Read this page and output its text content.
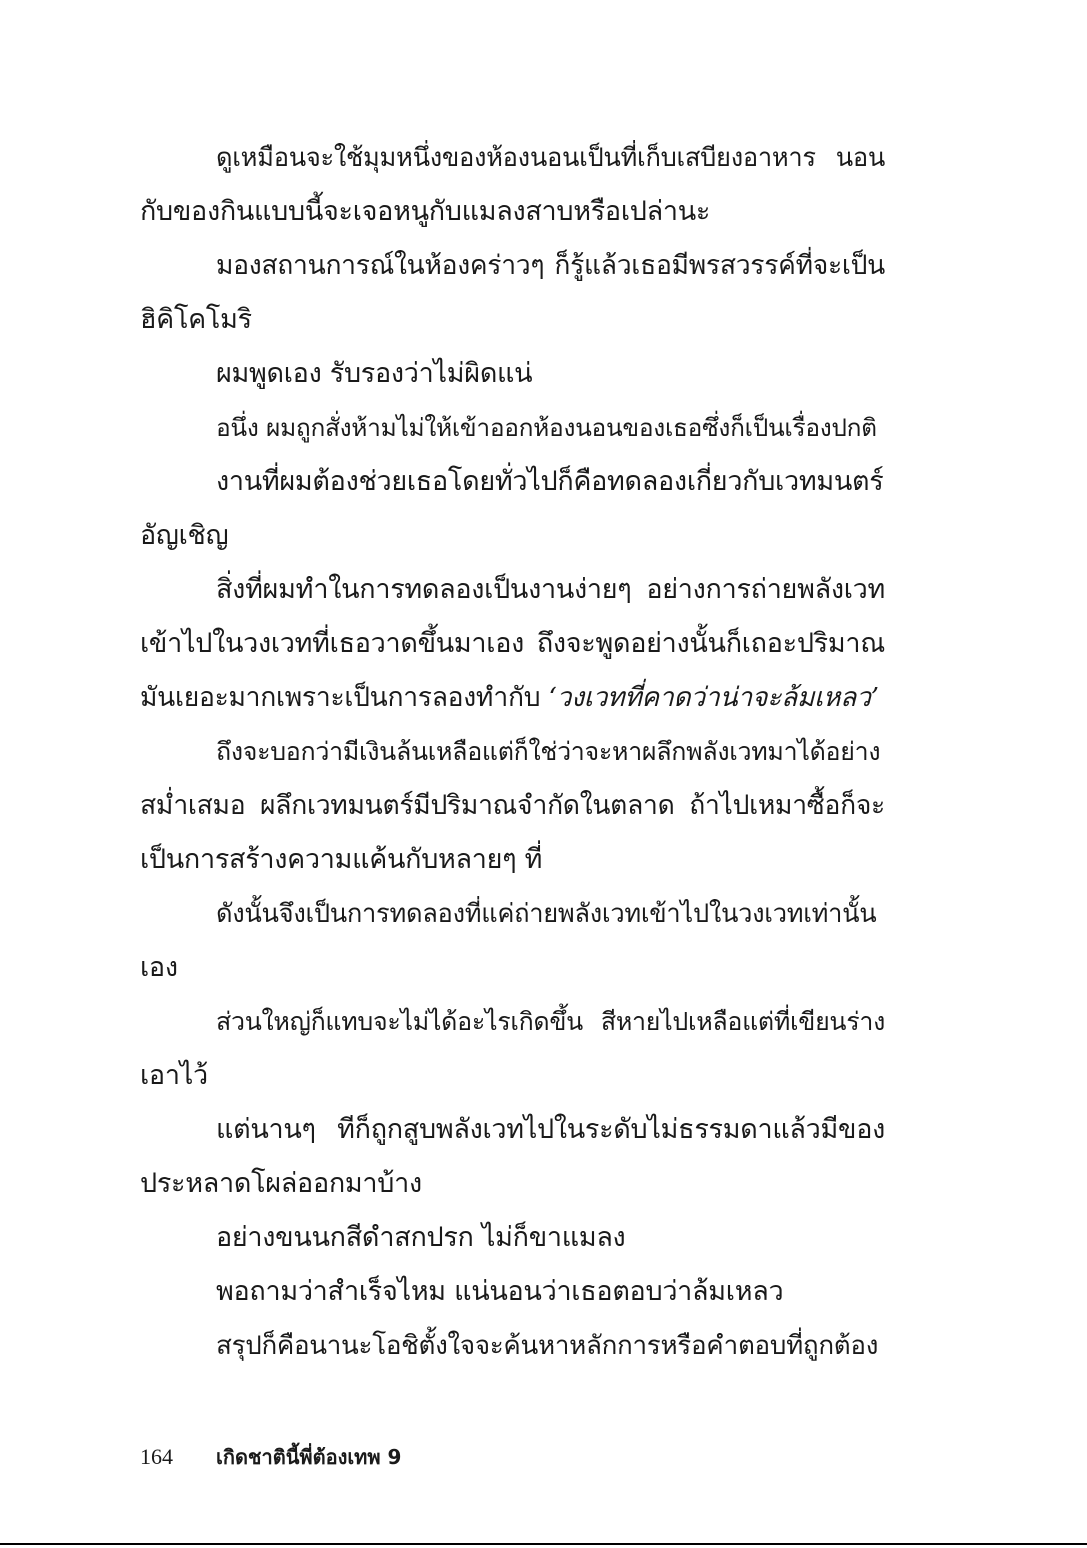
ดูเหมือนจะใช้มุมหนึ่งของห้องนอนเป็นที่เก็บเสบียงอาหาร นอน
กับของกินแบบนี้จะเจอหนูกับแมลงสาบหรือเปล่านะ
มองสถานการณ์ในห้องคร่าวๆ ก็รู้แล้วเธอมีพรสวรรค์ที่จะเป็น
ฮิคิโคโมริ
ผมพูดเอง รับรองว่าไม่ผิดแน่
อนึ่ง ผมถูกสั่งห้ามไม่ให้เข้าออกห้องนอนของเธอซึ่งก็เป็นเรื่องปกติ
งานที่ผมต้องช่วยเธอโดยทั่วไปก็คือทดลองเกี่ยวกับเวทมนตร์
อัญเชิญ
สิ่งที่ผมทำในการทดลองเป็นงานง่ายๆ อย่างการถ่ายพลังเวท
เข้าไปในวงเวทที่เธอวาดขึ้นมาเอง ถึงจะพูดอย่างนั้นก็เถอะปริมาณ
มันเยอะมากเพราะเป็นการลองทำกับ ‘วงเวทที่คาดว่าน่าจะล้มเหลว’
ถึงจะบอกว่ามีเงินล้นเหลือแต่ก็ใช่ว่าจะหาผลึกพลังเวทมาได้อย่าง
สม่ำเสมอ ผลึกเวทมนตร์มีปริมาณจำกัดในตลาด ถ้าไปเหมาซื้อก็จะ
เป็นการสร้างความแค้นกับหลายๆ ที่
ดังนั้นจึงเป็นการทดลองที่แค่ถ่ายพลังเวทเข้าไปในวงเวทเท่านั้น
เอง
ส่วนใหญ่ก็แทบจะไม่ได้อะไรเกิดขึ้น สีหายไปเหลือแต่ที่เขียนร่าง
เอาไว้
แต่นานๆ ทีก็ถูกสูบพลังเวทไปในระดับไม่ธรรมดาแล้วมีของ
ประหลาดโผล่ออกมาบ้าง
อย่างขนนกสีดำสกปรก ไม่ก็ขาแมลง
พอถามว่าสำเร็จไหม แน่นอนว่าเธอตอบว่าล้มเหลว
สรุปก็คือนานะโอชิตั้งใจจะค้นหาหลักการหรือคำตอบที่ถูกต้อง
164 เกิดชาตินี้พี่ต้องเทพ 9
